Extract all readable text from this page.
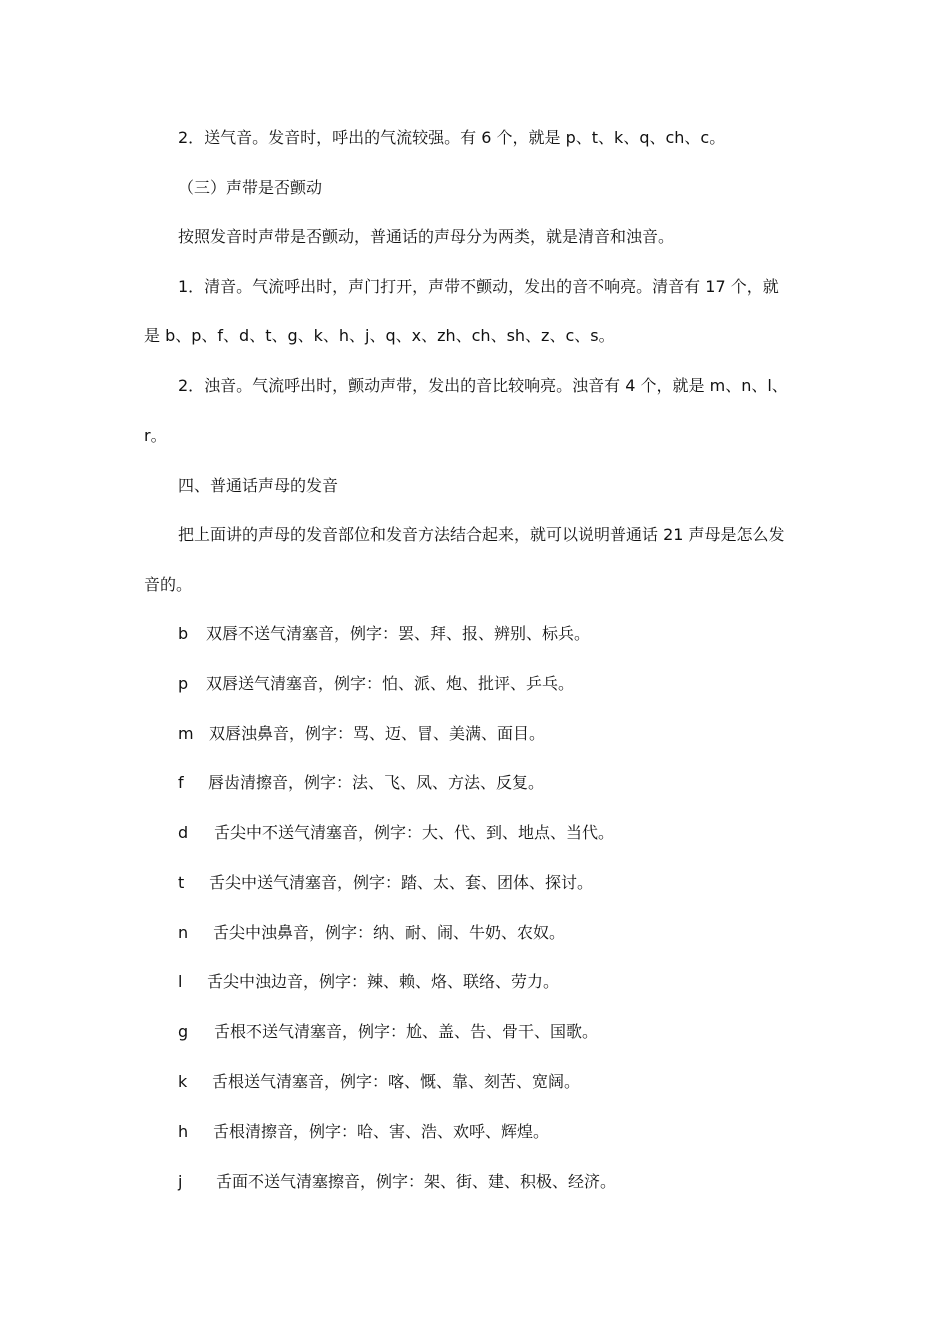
2．送气音。发音时，呼出的气流较强。有 6 个，就是 p、t、k、q、ch、c。
（三）声带是否颤动
按照发音时声带是否颤动，普通话的声母分为两类，就是清音和浊音。
1．清音。气流呼出时，声门打开，声带不颤动，发出的音不响亮。清音有 17 个，就
是 b、p、f、d、t、g、k、h、j、q、x、zh、ch、sh、z、c、s。
2．浊音。气流呼出时，颤动声带，发出的音比较响亮。浊音有 4 个，就是 m、n、l、
r。
四、普通话声母的发音
把上面讲的声母的发音部位和发音方法结合起来，就可以说明普通话 21 声母是怎么发
音的。
b 双唇不送气清塞音，例字：罢、拜、报、辨别、标兵。
p 双唇送气清塞音，例字：怕、派、炮、批评、乒乓。
m 双唇浊鼻音，例字：骂、迈、冒、美满、面目。
f 唇齿清擦音，例字：法、飞、凤、方法、反复。
d 舌尖中不送气清塞音，例字：大、代、到、地点、当代。
t 舌尖中送气清塞音，例字：踏、太、套、团体、探讨。
n 舌尖中浊鼻音，例字：纳、耐、闹、牛奶、农奴。
l 舌尖中浊边音，例字：辣、赖、烙、联络、劳力。
g 舌根不送气清塞音，例字：尬、盖、告、骨干、国歌。
k 舌根送气清塞音，例字：喀、慨、靠、刻苦、宽阔。
h 舌根清擦音，例字：哈、害、浩、欢呼、辉煌。
j 舌面不送气清塞擦音，例字：架、街、建、积极、经济。
